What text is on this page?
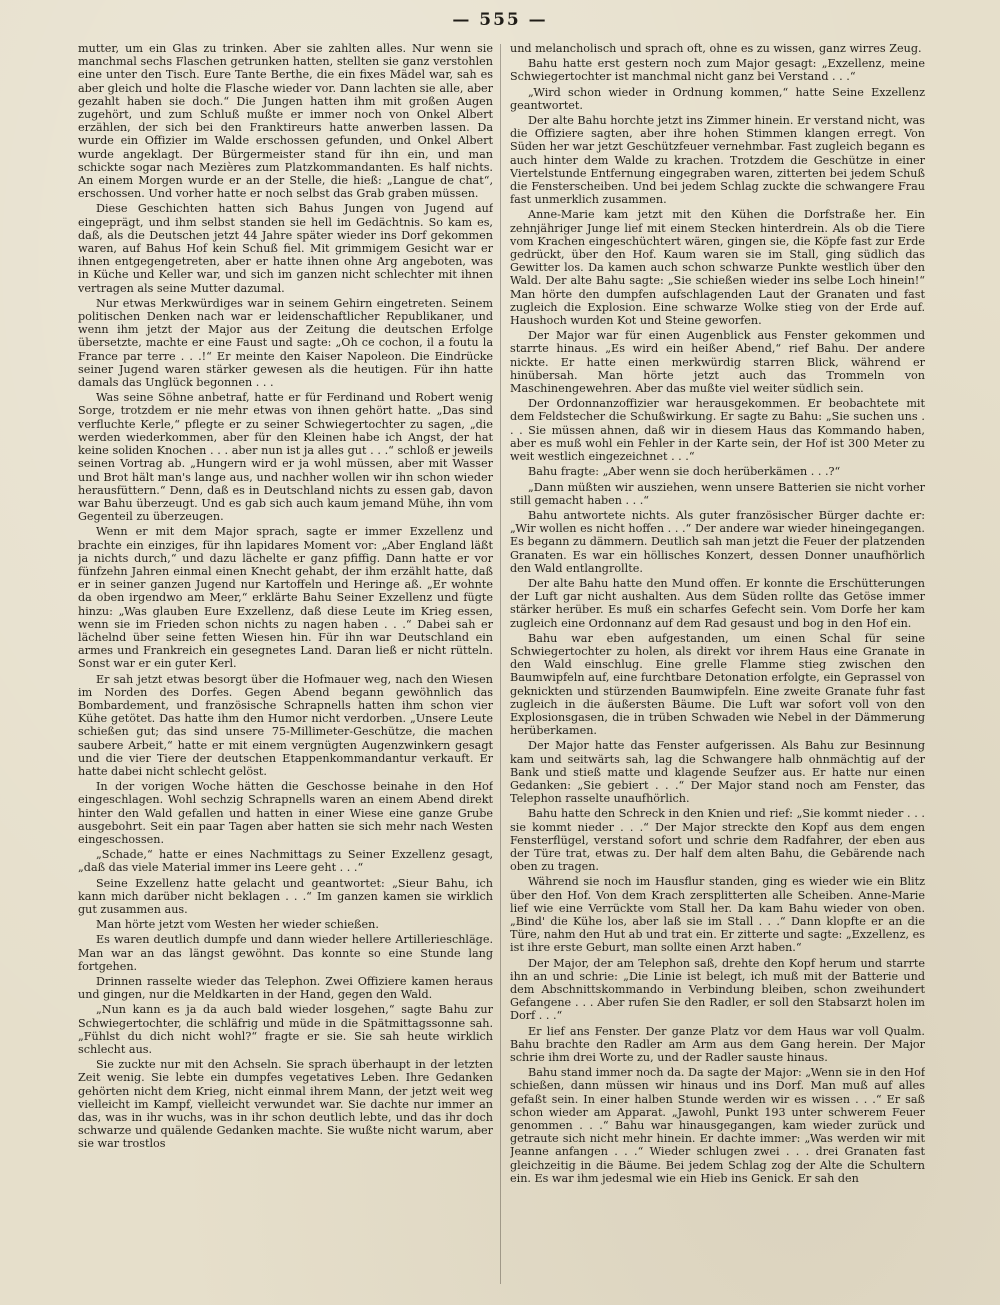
— 555 —

mutter, um ein Glas zu trinken. Aber sie zahlten alles. Nur wenn sie manchmal sechs Flaschen getrunken hatten, stellten sie ganz verstohlen eine unter den Tisch. Eure Tante Berthe, die ein fixes Mädel war, sah es aber gleich und holte die Flasche wieder vor. Dann lachten sie alle, aber gezahlt haben sie doch.“ Die Jungen hatten ihm mit großen Augen zugehört, und zum Schluß mußte er immer noch von Onkel Albert erzählen, der sich bei den Franktireurs hatte anwerben lassen. Da wurde ein Offizier im Walde erschossen gefunden, und Onkel Albert wurde angeklagt. Der Bürgermeister stand für ihn ein, und man schickte sogar nach Mezières zum Platzkommandanten. Es half nichts. An einem Morgen wurde er an der Stelle, die hieß: „Langue de chat“, erschossen. Und vorher hatte er noch selbst das Grab graben müssen.

Diese Geschichten hatten sich Bahus Jungen von Jugend auf eingeprägt, und ihm selbst standen sie hell im Gedächtnis. So kam es, daß, als die Deutschen jetzt 44 Jahre später wieder ins Dorf gekommen waren, auf Bahus Hof kein Schuß fiel. Mit grimmigem Gesicht war er ihnen entgegengetreten, aber er hatte ihnen ohne Arg angeboten, was in Küche und Keller war, und sich im ganzen nicht schlechter mit ihnen vertragen als seine Mutter dazumal.

Nur etwas Merkwürdiges war in seinem Gehirn eingetreten. Seinem politischen Denken nach war er leidenschaftlicher Republikaner, und wenn ihm jetzt der Major aus der Zeitung die deutschen Erfolge übersetzte, machte er eine Faust und sagte: „Oh ce cochon, il a foutu la France par terre . . .!“ Er meinte den Kaiser Napoleon. Die Eindrücke seiner Jugend waren stärker gewesen als die heutigen. Für ihn hatte damals das Unglück begonnen . . .

Was seine Söhne anbetraf, hatte er für Ferdinand und Robert wenig Sorge, trotzdem er nie mehr etwas von ihnen gehört hatte. „Das sind verfluchte Kerle,“ pflegte er zu seiner Schwiegertochter zu sagen, „die werden wiederkommen, aber für den Kleinen habe ich Angst, der hat keine soliden Knochen . . . aber nun ist ja alles gut . . .“ schloß er jeweils seinen Vortrag ab. „Hungern wird er ja wohl müssen, aber mit Wasser und Brot hält man's lange aus, und nachher wollen wir ihn schon wieder herausfüttern.“ Denn, daß es in Deutschland nichts zu essen gab, davon war Bahu überzeugt. Und es gab sich auch kaum jemand Mühe, ihn vom Gegenteil zu überzeugen.

Wenn er mit dem Major sprach, sagte er immer Exzellenz und brachte ein einziges, für ihn lapidares Moment vor: „Aber England läßt ja nichts durch,“ und dazu lächelte er ganz pfiffig. Dann hatte er vor fünfzehn Jahren einmal einen Knecht gehabt, der ihm erzählt hatte, daß er in seiner ganzen Jugend nur Kartoffeln und Heringe aß. „Er wohnte da oben irgendwo am Meer,“ erklärte Bahu Seiner Exzellenz und fügte hinzu: „Was glauben Eure Exzellenz, daß diese Leute im Krieg essen, wenn sie im Frieden schon nichts zu nagen haben . . .“ Dabei sah er lächelnd über seine fetten Wiesen hin. Für ihn war Deutschland ein armes und Frankreich ein gesegnetes Land. Daran ließ er nicht rütteln. Sonst war er ein guter Kerl.

Er sah jetzt etwas besorgt über die Hofmauer weg, nach den Wiesen im Norden des Dorfes. Gegen Abend begann gewöhnlich das Bombardement, und französische Schrapnells hatten ihm schon vier Kühe getötet. Das hatte ihm den Humor nicht verdorben. „Unsere Leute schießen gut; das sind unsere 75-Millimeter-Geschütze, die machen saubere Arbeit,“ hatte er mit einem vergnügten Augenzwinkern gesagt und die vier Tiere der deutschen Etappenkommandantur verkauft. Er hatte dabei nicht schlecht gelöst.

In der vorigen Woche hätten die Geschosse beinahe in den Hof eingeschlagen. Wohl sechzig Schrapnells waren an einem Abend direkt hinter den Wald gefallen und hatten in einer Wiese eine ganze Grube ausgebohrt. Seit ein paar Tagen aber hatten sie sich mehr nach Westen eingeschossen.

„Schade,“ hatte er eines Nachmittags zu Seiner Exzellenz gesagt, „daß das viele Material immer ins Leere geht . . .“

Seine Exzellenz hatte gelacht und geantwortet: „Sieur Bahu, ich kann mich darüber nicht beklagen . . .“ Im ganzen kamen sie wirklich gut zusammen aus.

Man hörte jetzt vom Westen her wieder schießen.

Es waren deutlich dumpfe und dann wieder hellere Artillerieschläge. Man war an das längst gewöhnt. Das konnte so eine Stunde lang fortgehen.

Drinnen rasselte wieder das Telephon. Zwei Offiziere kamen heraus und gingen, nur die Meldkarten in der Hand, gegen den Wald.

„Nun kann es ja da auch bald wieder losgehen,“ sagte Bahu zur Schwiegertochter, die schläfrig und müde in die Spätmittagssonne sah. „Fühlst du dich nicht wohl?“ fragte er sie. Sie sah heute wirklich schlecht aus.

Sie zuckte nur mit den Achseln. Sie sprach überhaupt in der letzten Zeit wenig. Sie lebte ein dumpfes vegetatives Leben. Ihre Gedanken gehörten nicht dem Krieg, nicht einmal ihrem Mann, der jetzt weit weg vielleicht im Kampf, vielleicht verwundet war. Sie dachte nur immer an das, was in ihr wuchs, was in ihr schon deutlich lebte, und das ihr doch schwarze und quälende Gedanken machte. Sie wußte nicht warum, aber sie war trostlos

und melancholisch und sprach oft, ohne es zu wissen, ganz wirres Zeug.

Bahu hatte erst gestern noch zum Major gesagt: „Exzellenz, meine Schwiegertochter ist manchmal nicht ganz bei Verstand . . .“

„Wird schon wieder in Ordnung kommen,“ hatte Seine Exzellenz geantwortet.

Der alte Bahu horchte jetzt ins Zimmer hinein. Er verstand nicht, was die Offiziere sagten, aber ihre hohen Stimmen klangen erregt. Von Süden her war jetzt Geschützfeuer vernehmbar. Fast zugleich begann es auch hinter dem Walde zu krachen. Trotzdem die Geschütze in einer Viertelstunde Entfernung eingegraben waren, zitterten bei jedem Schuß die Fensterscheiben. Und bei jedem Schlag zuckte die schwangere Frau fast unmerklich zusammen.

Anne-Marie kam jetzt mit den Kühen die Dorfstraße her. Ein zehnjähriger Junge lief mit einem Stecken hinterdrein. Als ob die Tiere vom Krachen eingeschüchtert wären, gingen sie, die Köpfe fast zur Erde gedrückt, über den Hof. Kaum waren sie im Stall, ging südlich das Gewitter los. Da kamen auch schon schwarze Punkte westlich über den Wald. Der alte Bahu sagte: „Sie schießen wieder ins selbe Loch hinein!“ Man hörte den dumpfen aufschlagenden Laut der Granaten und fast zugleich die Explosion. Eine schwarze Wolke stieg von der Erde auf. Haushoch wurden Kot und Steine geworfen.

Der Major war für einen Augenblick aus Fenster gekommen und starrte hinaus. „Es wird ein heißer Abend,“ rief Bahu. Der andere nickte. Er hatte einen merkwürdig starren Blick, während er hinübersah. Man hörte jetzt auch das Trommeln von Maschinengewehren. Aber das mußte viel weiter südlich sein.

Der Ordonnanzoffizier war herausgekommen. Er beobachtete mit dem Feldstecher die Schußwirkung. Er sagte zu Bahu: „Sie suchen uns . . . Sie müssen ahnen, daß wir in diesem Haus das Kommando haben, aber es muß wohl ein Fehler in der Karte sein, der Hof ist 300 Meter zu weit westlich eingezeichnet . . .“

Bahu fragte: „Aber wenn sie doch herüberkämen . . .?“

„Dann müßten wir ausziehen, wenn unsere Batterien sie nicht vorher still gemacht haben . . .“

Bahu antwortete nichts. Als guter französischer Bürger dachte er: „Wir wollen es nicht hoffen . . .“ Der andere war wieder hineingegangen. Es begann zu dämmern. Deutlich sah man jetzt die Feuer der platzenden Granaten. Es war ein höllisches Konzert, dessen Donner unaufhörlich den Wald entlangrollte.

Der alte Bahu hatte den Mund offen. Er konnte die Erschütterungen der Luft gar nicht aushalten. Aus dem Süden rollte das Getöse immer stärker herüber. Es muß ein scharfes Gefecht sein. Vom Dorfe her kam zugleich eine Ordonnanz auf dem Rad gesaust und bog in den Hof ein.

Bahu war eben aufgestanden, um einen Schal für seine Schwiegertochter zu holen, als direkt vor ihrem Haus eine Granate in den Wald einschlug. Eine grelle Flamme stieg zwischen den Baumwipfeln auf, eine furchtbare Detonation erfolgte, ein Geprassel von geknickten und stürzenden Baumwipfeln. Eine zweite Granate fuhr fast zugleich in die äußersten Bäume. Die Luft war sofort voll von den Explosionsgasen, die in trüben Schwaden wie Nebel in der Dämmerung herüberkamen.

Der Major hatte das Fenster aufgerissen. Als Bahu zur Besinnung kam und seitwärts sah, lag die Schwangere halb ohnmächtig auf der Bank und stieß matte und klagende Seufzer aus. Er hatte nur einen Gedanken: „Sie gebiert . . .“ Der Major stand noch am Fenster, das Telephon rasselte unaufhörlich.

Bahu hatte den Schreck in den Knien und rief: „Sie kommt nieder . . . sie kommt nieder . . .“ Der Major streckte den Kopf aus dem engen Fensterflügel, verstand sofort und schrie dem Radfahrer, der eben aus der Türe trat, etwas zu. Der half dem alten Bahu, die Gebärende nach oben zu tragen.

Während sie noch im Hausflur standen, ging es wieder wie ein Blitz über den Hof. Von dem Krach zersplitterten alle Scheiben. Anne-Marie lief wie eine Verrückte vom Stall her. Da kam Bahu wieder von oben. „Bind' die Kühe los, aber laß sie im Stall . . .“ Dann klopfte er an die Türe, nahm den Hut ab und trat ein. Er zitterte und sagte: „Exzellenz, es ist ihre erste Geburt, man sollte einen Arzt haben.“

Der Major, der am Telephon saß, drehte den Kopf herum und starrte ihn an und schrie: „Die Linie ist belegt, ich muß mit der Batterie und dem Abschnittskommando in Verbindung bleiben, schon zweihundert Gefangene . . . Aber rufen Sie den Radler, er soll den Stabsarzt holen im Dorf . . .“

Er lief ans Fenster. Der ganze Platz vor dem Haus war voll Qualm. Bahu brachte den Radler am Arm aus dem Gang herein. Der Major schrie ihm drei Worte zu, und der Radler sauste hinaus.

Bahu stand immer noch da. Da sagte der Major: „Wenn sie in den Hof schießen, dann müssen wir hinaus und ins Dorf. Man muß auf alles gefaßt sein. In einer halben Stunde werden wir es wissen . . .“ Er saß schon wieder am Apparat. „Jawohl, Punkt 193 unter schwerem Feuer genommen . . .“ Bahu war hinausgegangen, kam wieder zurück und getraute sich nicht mehr hinein. Er dachte immer: „Was werden wir mit Jeanne anfangen . . .“ Wieder schlugen zwei . . . drei Granaten fast gleichzeitig in die Bäume. Bei jedem Schlag zog der Alte die Schultern ein. Es war ihm jedesmal wie ein Hieb ins Genick. Er sah den
